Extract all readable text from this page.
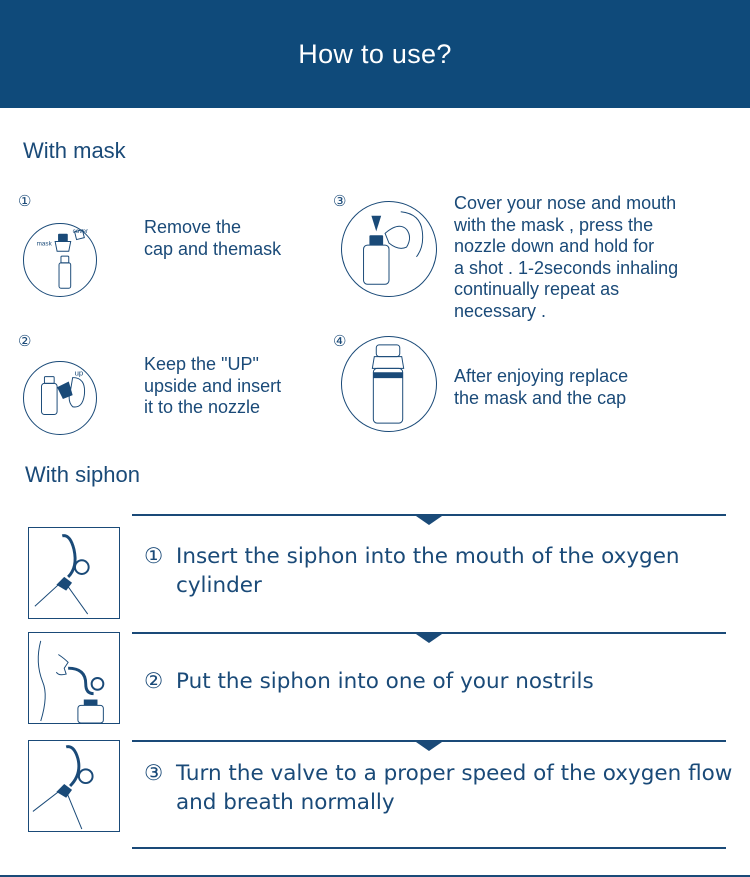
How to use?
With mask
①
mask
cover	Remove the
cap and themask
②
up	Keep the "UP"
upside and insert
it to the nozzle
③	Cover your nose and mouth
with the mask , press the
nozzle down and hold for
a shot . 1-2seconds inhaling
continually repeat as
necessary .
④
After enjoying replace
the mask and the cap
With siphon
① Insert the siphon into the mouth of the oxygen cylinder
② Put the siphon into one of your nostrils
③ Turn the valve to a proper speed of the oxygen flow and breath normally
